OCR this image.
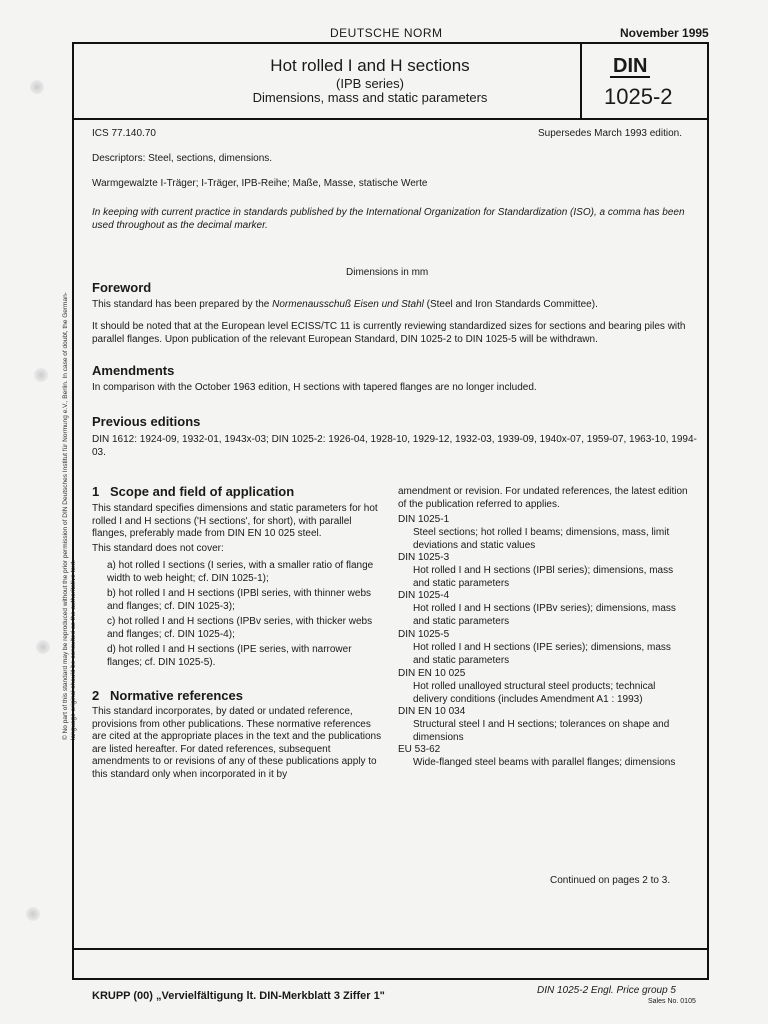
© No part of this standard may be reproduced without the prior permission of DIN Deutsches Institut für Normung e.V., Berlin. In case of doubt, the German-language original should be consulted as the authoritative text.
DEUTSCHE NORM	November 1995
Hot rolled I and H sections
(IPB series)
Dimensions, mass and static parameters
DIN
1025-2
ICS 77.140.70	Supersedes March 1993 edition.
Descriptors: Steel, sections, dimensions.
Warmgewalzte I-Träger; I-Träger, IPB-Reihe; Maße, Masse, statische Werte
In keeping with current practice in standards published by the International Organization for Standardization (ISO), a comma has been used throughout as the decimal marker.
Dimensions in mm
Foreword
This standard has been prepared by the Normenausschuß Eisen und Stahl (Steel and Iron Standards Committee).
It should be noted that at the European level ECISS/TC 11 is currently reviewing standardized sizes for sections and bearing piles with parallel flanges. Upon publication of the relevant European Standard, DIN 1025-2 to DIN 1025-5 will be withdrawn.
Amendments
In comparison with the October 1963 edition, H sections with tapered flanges are no longer included.
Previous editions
DIN 1612: 1924-09, 1932-01, 1943x-03; DIN 1025-2: 1926-04, 1928-10, 1929-12, 1932-03, 1939-09, 1940x-07, 1959-07, 1963-10, 1994-03.
1 Scope and field of application
This standard specifies dimensions and static parameters for hot rolled I and H sections ('H sections', for short), with parallel flanges, preferably made from DIN EN 10 025 steel.
This standard does not cover:
a) hot rolled I sections (I series, with a smaller ratio of flange width to web height; cf. DIN 1025-1);
b) hot rolled I and H sections (IPBl series, with thinner webs and flanges; cf. DIN 1025-3);
c) hot rolled I and H sections (IPBv series, with thicker webs and flanges; cf. DIN 1025-4);
d) hot rolled I and H sections (IPE series, with narrower flanges; cf. DIN 1025-5).
2 Normative references
This standard incorporates, by dated or undated reference, provisions from other publications. These normative references are cited at the appropriate places in the text and the publications are listed hereafter. For dated references, subsequent amendments to or revisions of any of these publications apply to this standard only when incorporated in it by
amendment or revision. For undated references, the latest edition of the publication referred to applies.
DIN 1025-1
Steel sections; hot rolled I beams; dimensions, mass, limit deviations and static values
DIN 1025-3
Hot rolled I and H sections (IPBl series); dimensions, mass and static parameters
DIN 1025-4
Hot rolled I and H sections (IPBv series); dimensions, mass and static parameters
DIN 1025-5
Hot rolled I and H sections (IPE series); dimensions, mass and static parameters
DIN EN 10 025
Hot rolled unalloyed structural steel products; technical delivery conditions (includes Amendment A1 : 1993)
DIN EN 10 034
Structural steel I and H sections; tolerances on shape and dimensions
EU 53-62
Wide-flanged steel beams with parallel flanges; dimensions
Continued on pages 2 to 3.
KRUPP (00) „Vervielfältigung lt. DIN-Merkblatt 3 Ziffer 1"	DIN 1025-2 Engl. Price group 5
Sales No. 0105
